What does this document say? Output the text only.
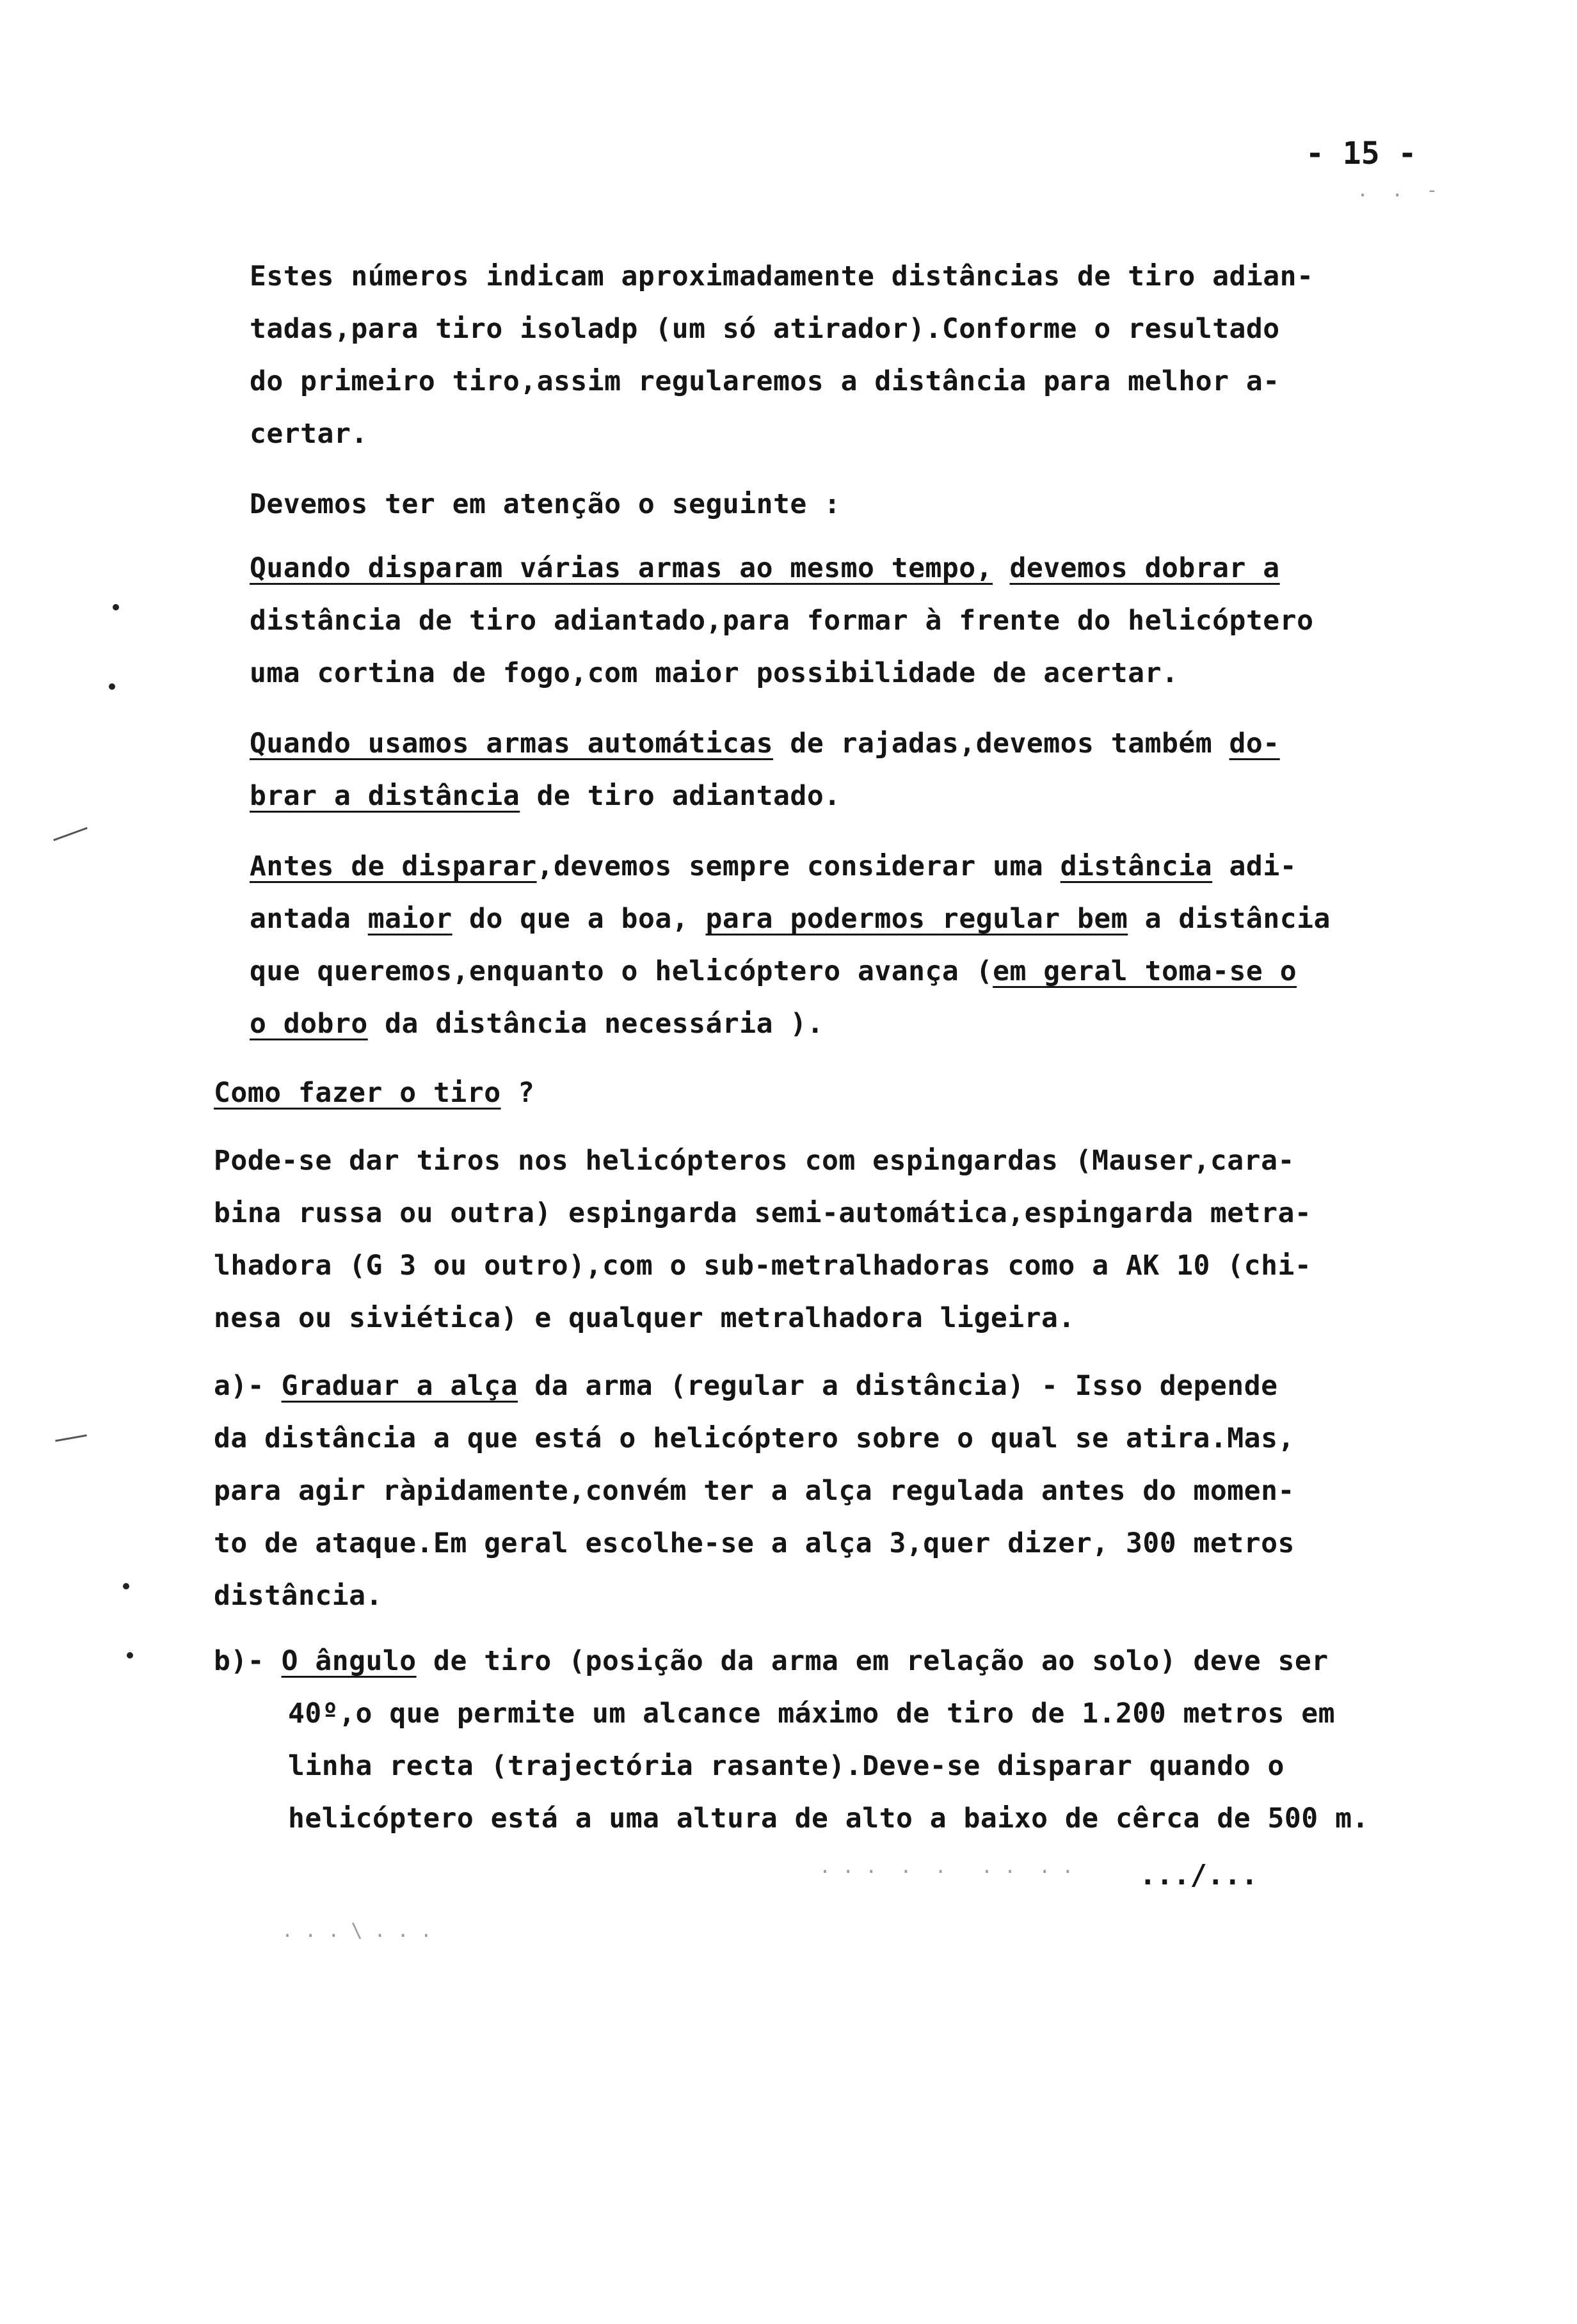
- 15 -
Estes números indicam aproximadamente distâncias de tiro adian-
tadas,para tiro isoladp (um só atirador).Conforme o resultado
do primeiro tiro,assim regularemos a distância para melhor a-
certar.
Devemos ter em atenção o seguinte :
Quando disparam várias armas ao mesmo tempo, devemos dobrar a
distância de tiro adiantado,para formar à frente do helicóptero
uma cortina de fogo,com maior possibilidade de acertar.
Quando usamos armas automáticas de rajadas,devemos também do-
brar a distância de tiro adiantado.
Antes de disparar,devemos sempre considerar uma distância adi-
antada maior do que a boa, para podermos regular bem a distância
que queremos,enquanto o helicóptero avança (em geral toma-se o
o dobro da distância necessária ).
Como fazer o tiro ?
Pode-se dar tiros nos helicópteros com espingardas (Mauser,cara-
bina russa ou outra) espingarda semi-automática,espingarda metra-
lhadora (G 3 ou outro),com o sub-metralhadoras como a AK 10 (chi-
nesa ou siviética) e qualquer metralhadora ligeira.
a)- Graduar a alça da arma (regular a distância) - Isso depende
da distância a que está o helicóptero sobre o qual se atira.Mas,
para agir ràpidamente,convém ter a alça regulada antes do momen-
to de ataque.Em geral escolhe-se a alça 3,quer dizer, 300 metros
distância.
b)- O ângulo de tiro (posição da arma em relação ao solo) deve ser
40º,o que permite um alcance máximo de tiro de 1.200 metros em
linha recta (trajectória rasante).Deve-se disparar quando o
helicóptero está a uma altura de alto a baixo de cêrca de 500 m.
.../...
. . . \ . . .
. . .  .  .   . .  . .
.  .  -
